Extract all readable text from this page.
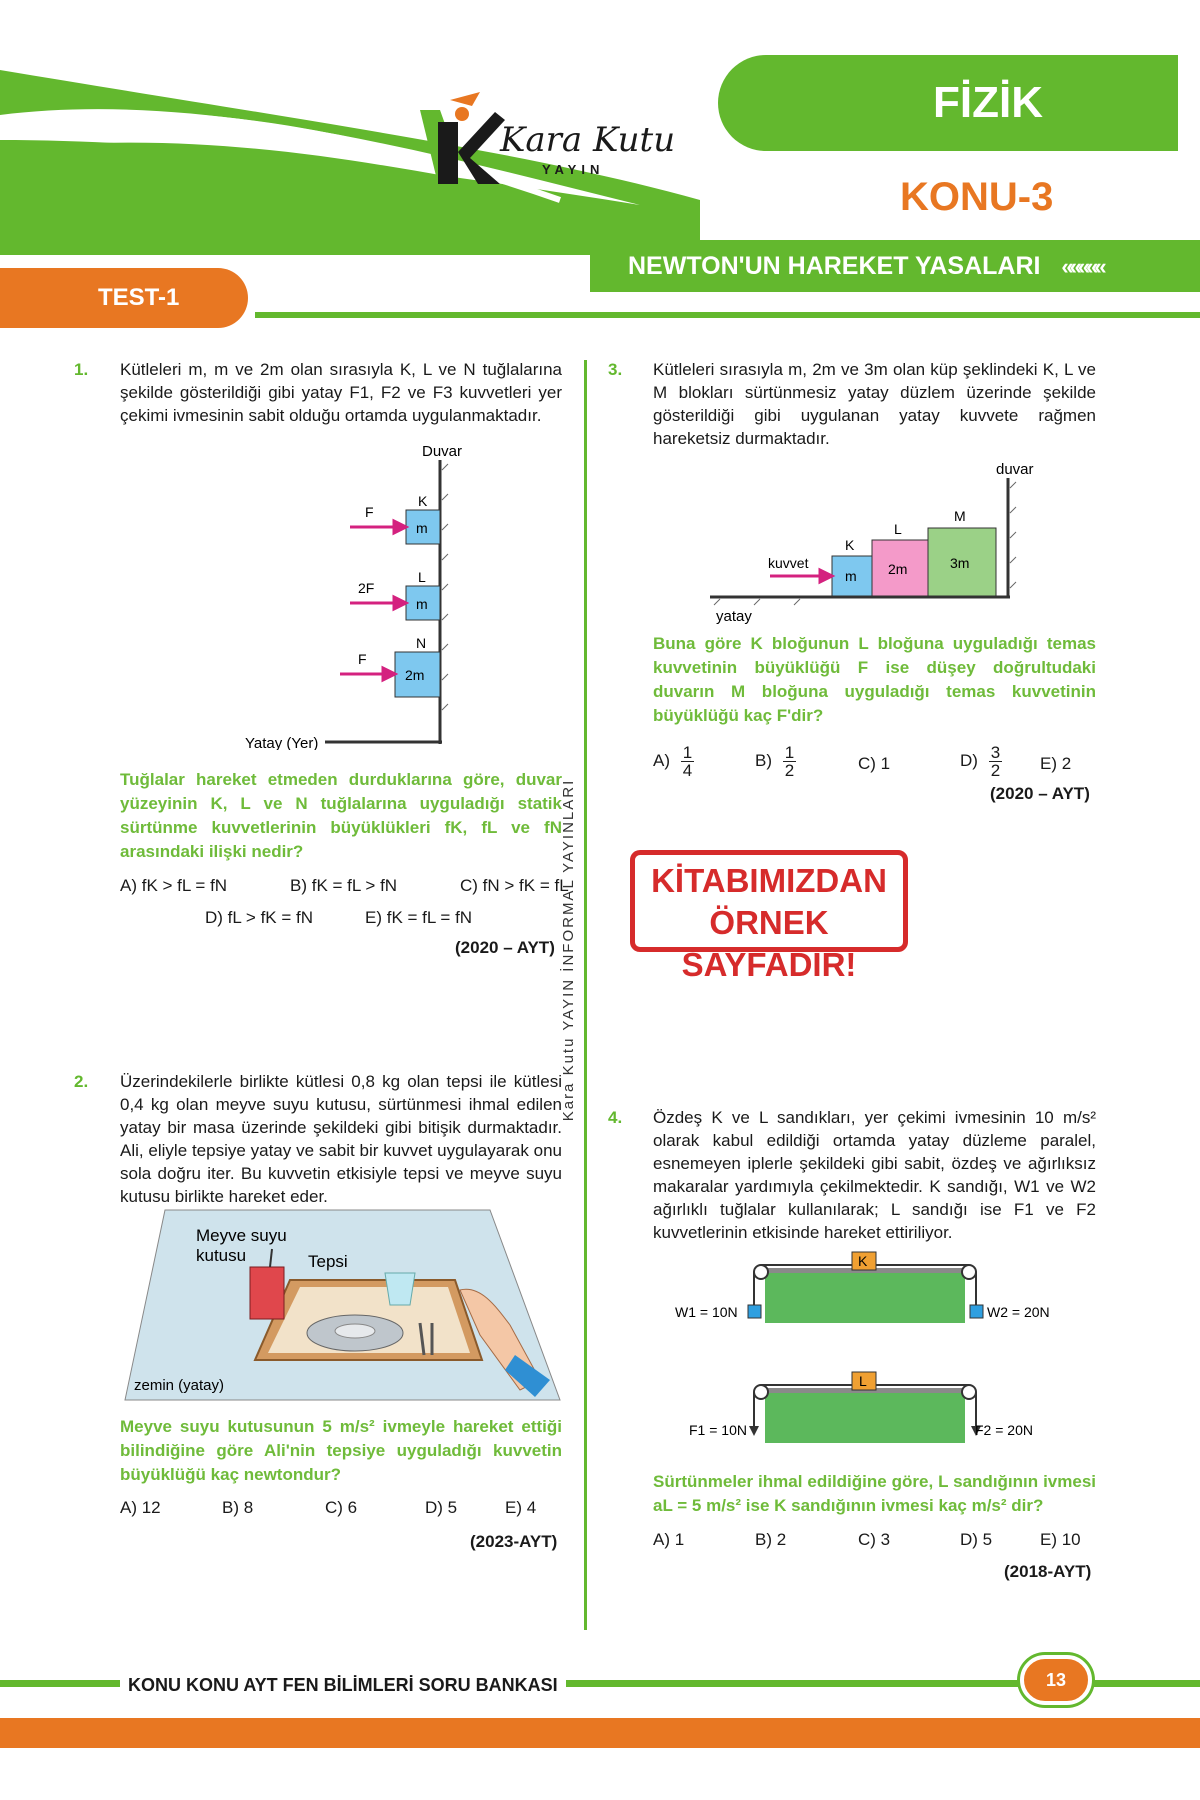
Kara Kutu
YAYIN
FİZİK
KONU-3
NEWTON'UN HAREKET YASALARI «««««
TEST-1
Kara Kutu YAYIN İNFORMAL YAYINLARI
1. Kütleleri m, m ve 2m olan sırasıyla K, L ve N tuğlalarına şekilde gösterildiği gibi yatay F1, F2 ve F3 kuvvetleri yer çekimi ivmesinin sabit olduğu ortamda uygulanmaktadır.
Duvar
Yatay (Yer)
K
m
L
m
N
2m
F
2F
F
Tuğlalar hareket etmeden durduklarına göre, duvar yüzeyinin K, L ve N tuğlalarına uyguladığı statik sürtünme kuvvetlerinin büyüklükleri fK, fL ve fN arasındaki ilişki nedir?
A) fK > fL = fN	B) fK = fL > fN	C) fN > fK = fL
D) fL > fK = fN	E) fK = fL = fN
(2020 – AYT)
2. Üzerindekilerle birlikte kütlesi 0,8 kg olan tepsi ile kütlesi 0,4 kg olan meyve suyu kutusu, sürtünmesi ihmal edilen yatay bir masa üzerinde şekildeki gibi bitişik durmaktadır. Ali, eliyle tepsiye yatay ve sabit bir kuvvet uygulayarak onu sola doğru iter. Bu kuvvetin etkisiyle tepsi ve meyve suyu kutusu birlikte hareket eder.
Meyve suyu
kutusu	Tepsi
zemin (yatay)
Meyve suyu kutusunun 5 m/s² ivmeyle hareket ettiği bilindiğine göre Ali'nin tepsiye uyguladığı kuvvetin büyüklüğü kaç newtondur?
A) 12	B) 8	C) 6	D) 5	E) 4
(2023-AYT)
3. Kütleleri sırasıyla m, 2m ve 3m olan küp şeklindeki K, L ve M blokları sürtünmesiz yatay düzlem üzerinde şekilde gösterildiği gibi uygulanan yatay kuvvete rağmen hareketsiz durmaktadır.
duvar
yatay
K
m
L
2m
M
3m
kuvvet
Buna göre K bloğunun L bloğuna uyguladığı temas kuvvetinin büyüklüğü F ise düşey doğrultudaki duvarın M bloğuna uyguladığı temas kuvvetinin büyüklüğü kaç F'dir?
$A) \frac{1}{4}$	$B) \frac{1}{2}$	C) 1	$D) \frac{3}{2} E$) 2
(2020 – AYT)
KİTABIMIZDAN
ÖRNEK SAYFADIR!
4. Özdeş K ve L sandıkları, yer çekimi ivmesinin 10 m/s² olarak kabul edildiği ortamda yatay düzleme paralel, esnemeyen iplerle şekildeki gibi sabit, özdeş ve ağırlıksız makaralar yardımıyla çekilmektedir. K sandığı, W1 ve W2 ağırlıklı tuğlalar kullanılarak; L sandığı ise F1 ve F2 kuvvetlerinin etkisinde hareket ettiriliyor.
K
W1 = 10N	W2 = 20N
L
F1 = 10N	F2 = 20N
Sürtünmeler ihmal edildiğine göre, L sandığının ivmesi aL = 5 m/s² ise K sandığının ivmesi kaç m/s² dir?
A) 1	B) 2	C) 3	D) 5	E) 10
(2018-AYT)
KONU KONU AYT FEN BİLİMLERİ SORU BANKASI	13
